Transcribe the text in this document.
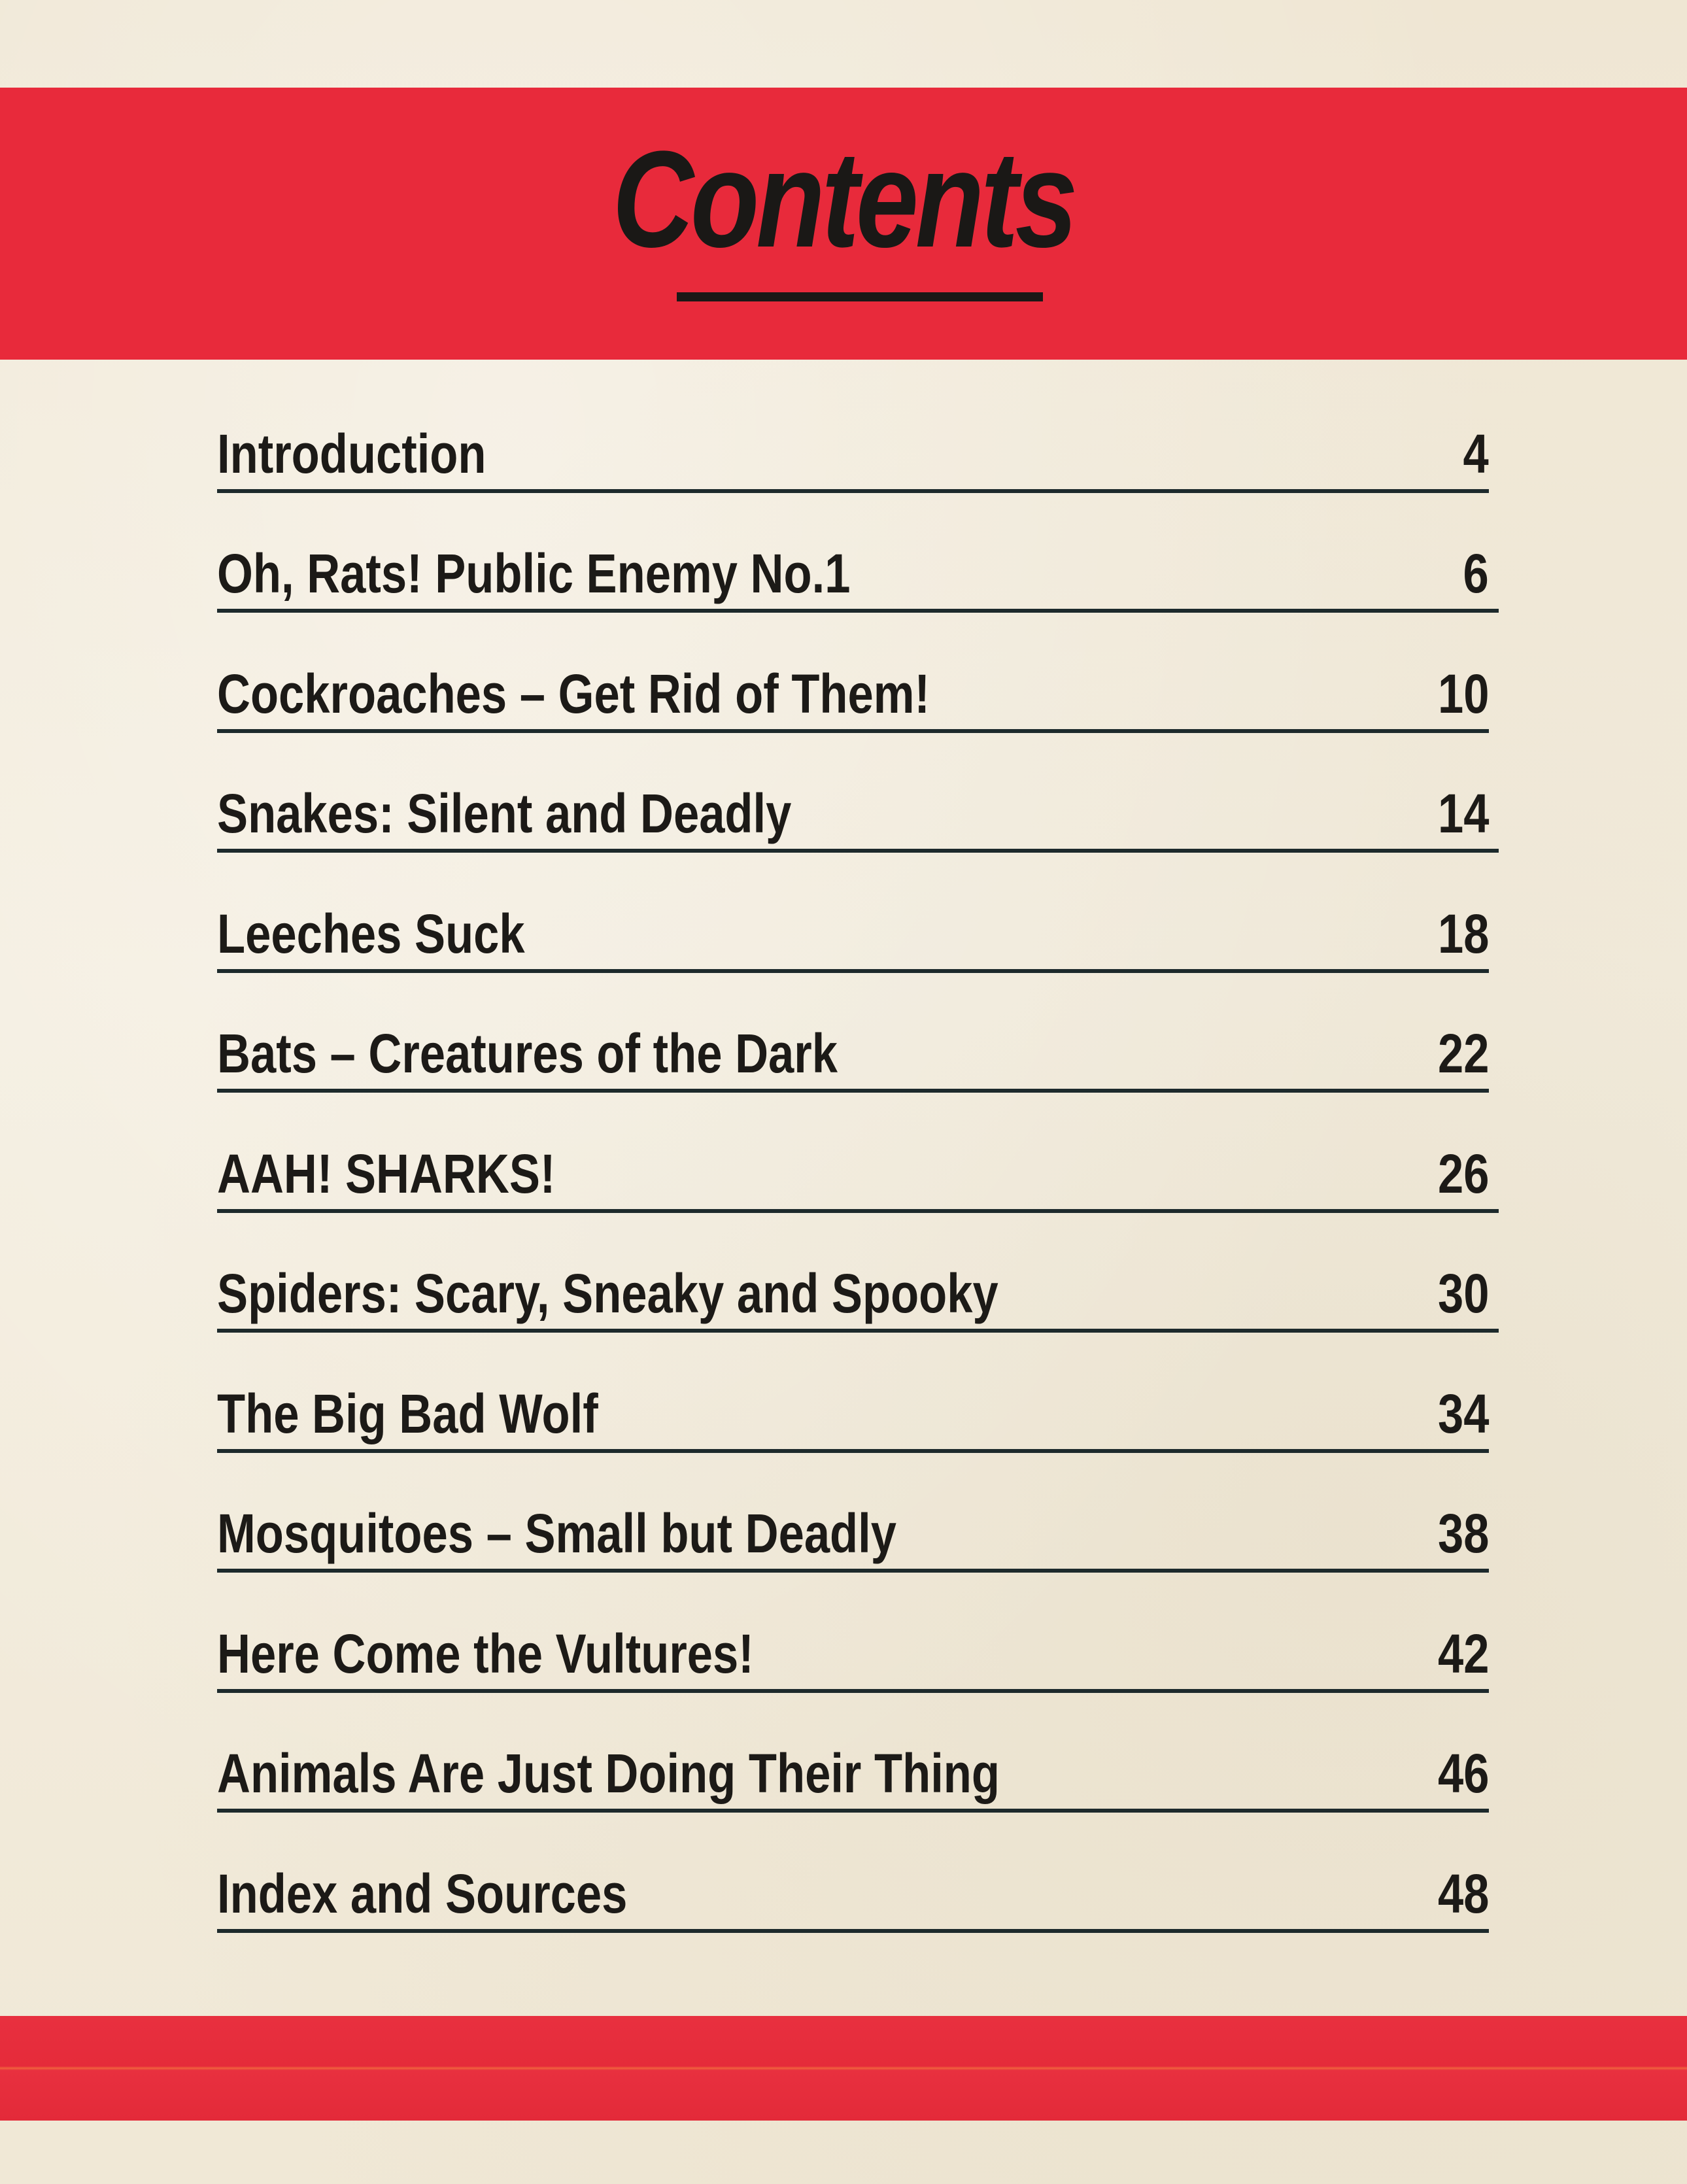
Contents
Introduction	4
Oh, Rats! Public Enemy No.1	6
Cockroaches – Get Rid of Them!	10
Snakes: Silent and Deadly	14
Leeches Suck	18
Bats – Creatures of the Dark	22
AAH! SHARKS!	26
Spiders: Scary, Sneaky and Spooky	30
The Big Bad Wolf	34
Mosquitoes – Small but Deadly	38
Here Come the Vultures!	42
Animals Are Just Doing Their Thing	46
Index and Sources	48
